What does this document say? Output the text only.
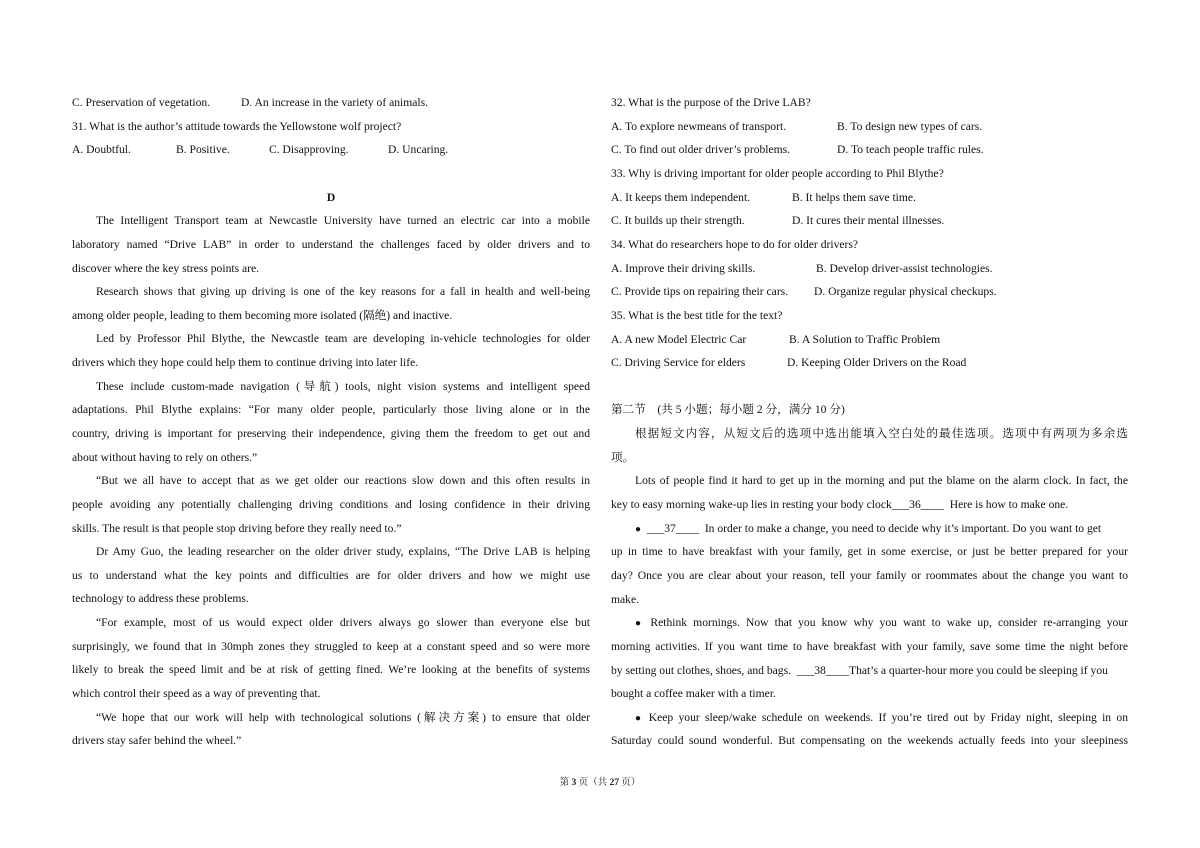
C. Preservation of vegetation.	D. An increase in the variety of animals.
31. What is the author’s attitude towards the Yellowstone wolf project?
A. Doubtful.	B. Positive.	C. Disapproving.	D. Uncaring.
D
The Intelligent Transport team at Newcastle University have turned an electric car into a mobile
laboratory named “Drive LAB” in order to understand the challenges faced by older drivers and to
discover where the key stress points are.
Research shows that giving up driving is one of the key reasons for a fall in health and well-being
among older people, leading to them becoming more isolated (隔绝) and inactive.
Led by Professor Phil Blythe, the Newcastle team are developing in-vehicle technologies for older
drivers which they hope could help them to continue driving into later life.
These include custom-made navigation (导航) tools, night vision systems and intelligent speed
adaptations. Phil Blythe explains: “For many older people, particularly those living alone or in the
country, driving is important for preserving their independence, giving them the freedom to get out and
about without having to rely on others.”
“But we all have to accept that as we get older our reactions slow down and this often results in
people avoiding any potentially challenging driving conditions and losing confidence in their driving
skills. The result is that people stop driving before they really need to.”
Dr Amy Guo, the leading researcher on the older driver study, explains, “The Drive LAB is helping
us to understand what the key points and difficulties are for older drivers and how we might use
technology to address these problems.
“For example, most of us would expect older drivers always go slower than everyone else but
surprisingly, we found that in 30mph zones they struggled to keep at a constant speed and so were more
likely to break the speed limit and be at risk of getting fined. We’re looking at the benefits of systems
which control their speed as a way of preventing that.
“We hope that our work will help with technological solutions (解决方案) to ensure that older
drivers stay safer behind the wheel.”
32. What is the purpose of the Drive LAB?
A. To explore newmeans of transport.	B. To design new types of cars.
C. To find out older driver’s problems.	D. To teach people traffic rules.
33. Why is driving important for older people according to Phil Blythe?
A. It keeps them independent.	B. It helps them save time.
C. It builds up their strength.	D. It cures their mental illnesses.
34. What do researchers hope to do for older drivers?
A. Improve their driving skills.	B. Develop driver-assist technologies.
C. Provide tips on repairing their cars.	D. Organize regular physical checkups.
35. What is the best title for the text?
A. A new Model Electric Car	B. A Solution to Traffic Problem
C. Driving Service for elders	D. Keeping Older Drivers on the Road
第二节　(共 5 小题；每小题 2 分，满分 10 分)
根据短文内容，从短文后的选项中选出能填入空白处的最佳选项。选项中有两项为多余选
项。
Lots of people find it hard to get up in the morning and put the blame on the alarm clock. In fact, the
key to easy morning wake-up lies in resting your body clock___36____  Here is how to make one.
● ___37____  In order to make a change, you need to decide why it’s important. Do you want to get
up in time to have breakfast with your family, get in some exercise, or just be better prepared for your
day? Once you are clear about your reason, tell your family or roommates about the change you want to
make.
● Rethink mornings. Now that you know why you want to wake up, consider re-arranging your
morning activities. If you want time to have breakfast with your family, save some time the night before
by setting out clothes, shoes, and bags.  ___38____That’s a quarter-hour more you could be sleeping if you
bought a coffee maker with a timer.
● Keep your sleep/wake schedule on weekends. If you’re tired out by Friday night, sleeping in on
Saturday could sound wonderful. But compensating on the weekends actually feeds into your sleepiness
第 3 页（共 27 页）
